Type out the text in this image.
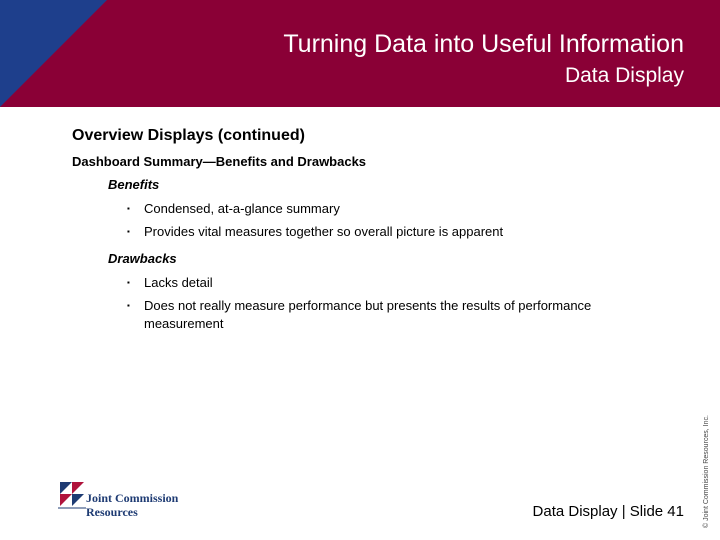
Turning Data into Useful Information
Data Display
Overview Displays (continued)
Dashboard Summary—Benefits and Drawbacks
Benefits
▪	Condensed, at-a-glance summary
▪	Provides vital measures together so overall picture is apparent
Drawbacks
▪	Lacks detail
▪	Does not really measure performance but presents the results of performance measurement
© Joint Commission Resources, Inc.
Joint Commission
Resources	Data Display | Slide 41
